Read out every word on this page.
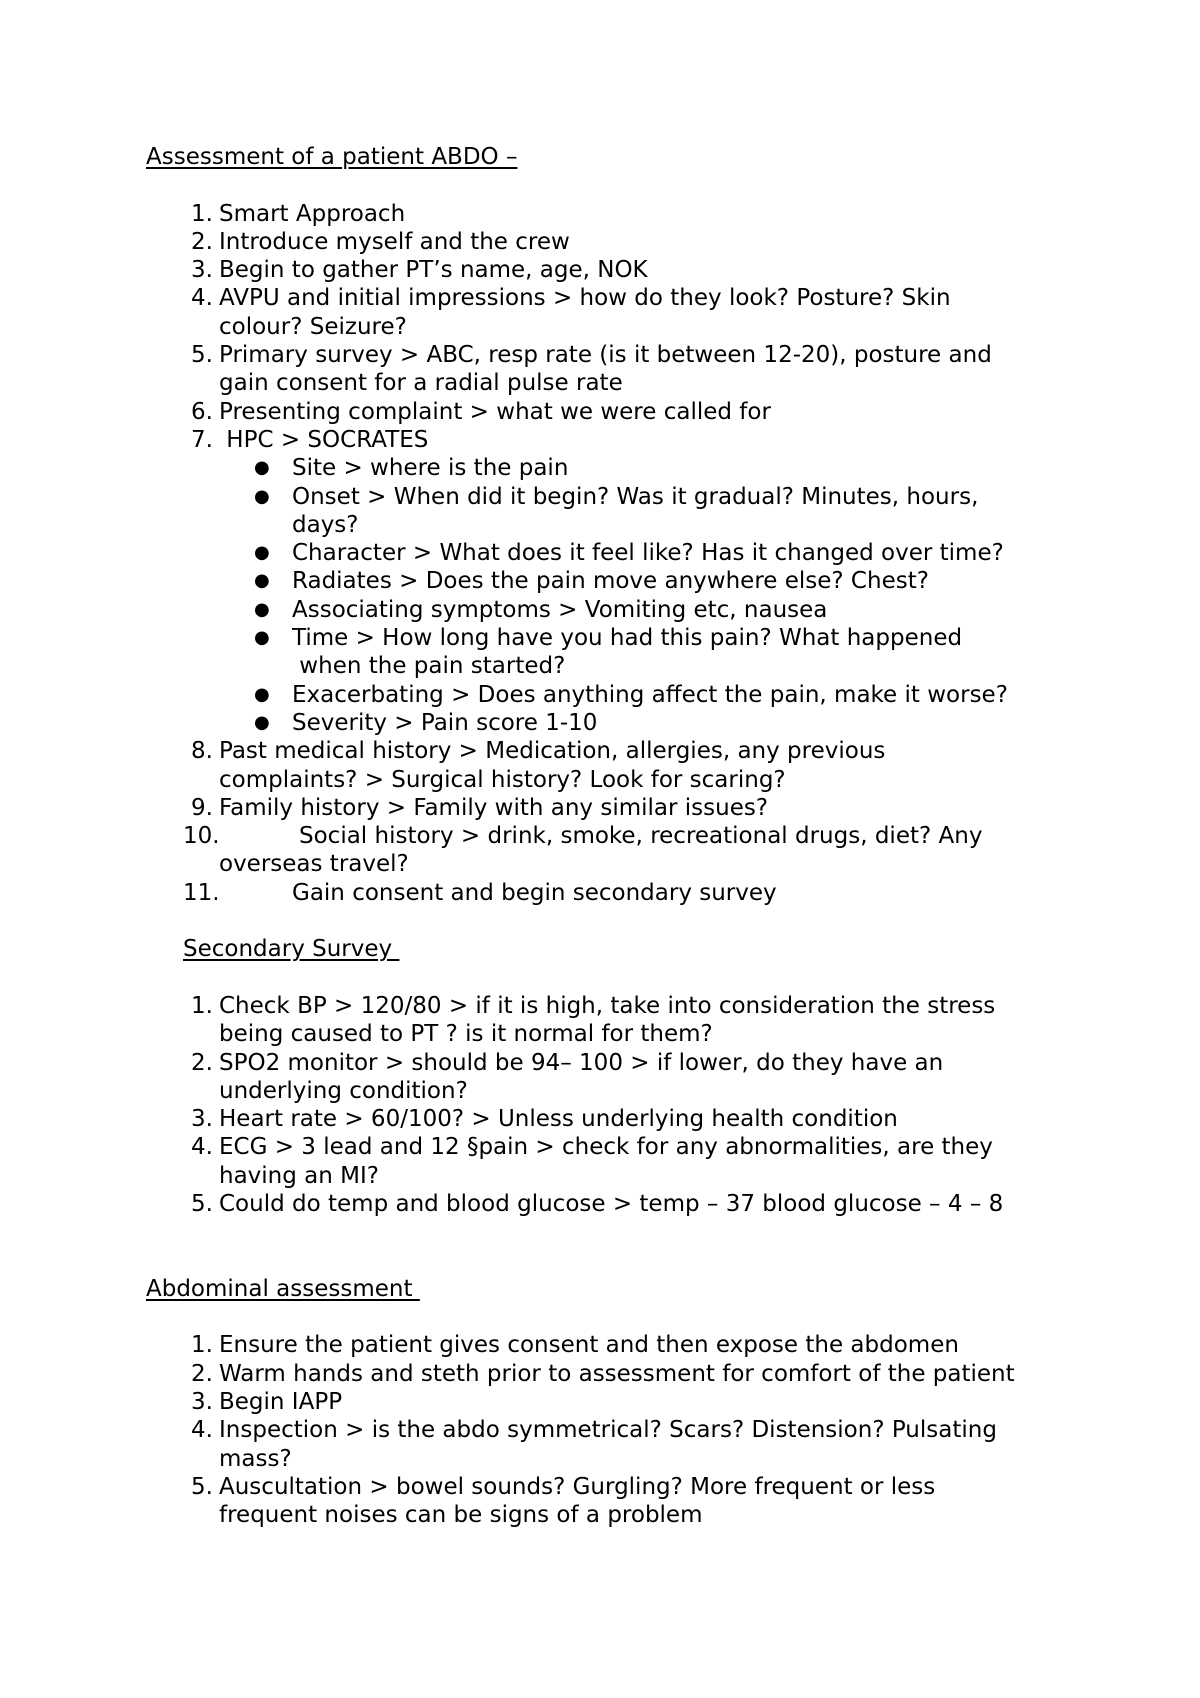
Assessment of a patient ABDO –
1. Smart Approach
2. Introduce myself and the crew
3. Begin to gather PT’s name, age, NOK
4. AVPU and initial impressions > how do they look? Posture? Skin
colour? Seizure?
5. Primary survey > ABC, resp rate (is it between 12-20), posture and
gain consent for a radial pulse rate
6. Presenting complaint > what we were called for
7. HPC > SOCRATES
● Site > where is the pain
● Onset > When did it begin? Was it gradual? Minutes, hours,
days?
● Character > What does it feel like? Has it changed over time?
● Radiates > Does the pain move anywhere else? Chest?
● Associating symptoms > Vomiting etc, nausea
● Time > How long have you had this pain? What happened
when the pain started?
● Exacerbating > Does anything affect the pain, make it worse?
● Severity > Pain score 1-10
8. Past medical history > Medication, allergies, any previous
complaints? > Surgical history? Look for scaring?
9. Family history > Family with any similar issues?
10.	Social history > drink, smoke, recreational drugs, diet? Any
overseas travel?
11.	Gain consent and begin secondary survey
Secondary Survey
1. Check BP > 120/80 > if it is high, take into consideration the stress
being caused to PT ? is it normal for them?
2. SPO2 monitor > should be 94– 100 > if lower, do they have an
underlying condition?
3. Heart rate > 60/100? > Unless underlying health condition
4. ECG > 3 lead and 12 §pain > check for any abnormalities, are they
having an MI?
5. Could do temp and blood glucose > temp – 37 blood glucose – 4 – 8
Abdominal assessment
1. Ensure the patient gives consent and then expose the abdomen
2. Warm hands and steth prior to assessment for comfort of the patient
3. Begin IAPP
4. Inspection > is the abdo symmetrical? Scars? Distension? Pulsating
mass?
5. Auscultation > bowel sounds? Gurgling? More frequent or less
frequent noises can be signs of a problem
